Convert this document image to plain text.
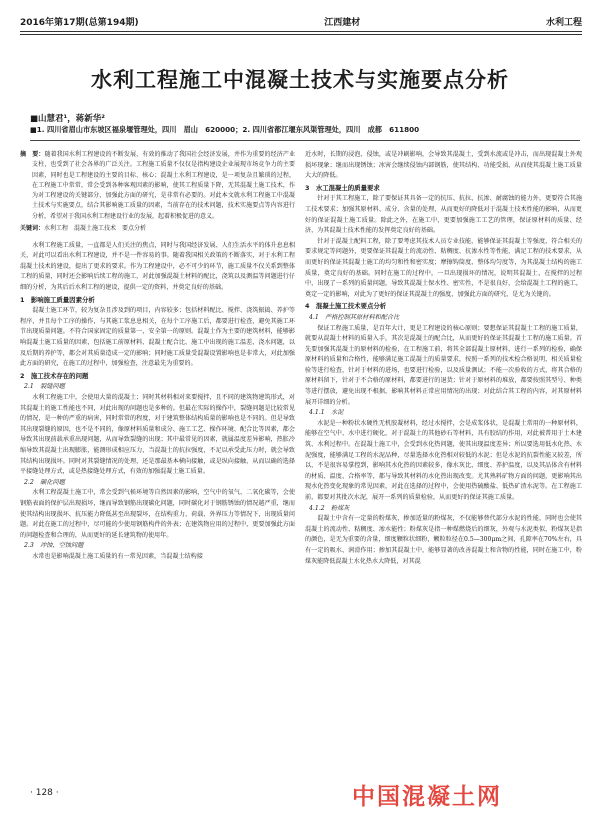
2016年第17期(总第194期)	江西建材	水利工程
水利工程施工中混凝土技术与实施要点分析
■山慧君¹，蒋新华²
■1. 四川省眉山市东坡区福泉堰管理处，四川　眉山　620000；2. 四川省都江堰东风渠管理处，四川　成都　611800
摘　要：随着我国水利工程建设的不断发展，有效的推动了我国社会经济发展，并作为重要的经济产业支柱，也受到了社会各界的广泛关注。工程施工质量不仅仅是指构建设企业展现市场竞争力的主要因素，同时也是工程建设的主要的目标、核心；混凝土水利工程建设，是一项复杂且繁琐的过程，在工程施工中常常，常会受到各种客观因素的影响，使其工程质量下降，无其混凝土施工技术，作为对工程建设的关键部分，加强此方面的研究，是非常有必要的。对此本文就水利工程施工中混凝土技术与实施要点，结合其影响施工质量的因素，当前存在的技术问题，技术实施要点等内容进行分析，希望对于我国水利工程建设行业的发展，起着积极促进的意义。
关键词：水利工程　混凝土施工技术　要点分析

水利工程施工质量，一直都是人们关注的焦点，同时与我国经济发展、人们生活水平的体升息息相关，对此可以看出水利工程建设，并不是一件容易的事。随着我国相关政策的不断落实，对于水利工程混凝土技术的建设，提出了更求的要求。作为工程建设中，必不可少的环节，施工质量不仅关系到整体工程的质量，同时还会影响后续工程的施工，对此加强混凝土材料的配比，浇筑以及测温等问题进行仔细的分析，为其后后水利工程的建设，提供一定的资料，并奠定良好的基础。

1　影响施工质量因素分析

混凝土施工环节，较为复杂且涉及到的项目，内容较多；包括材料配比、搅拌、浇筑振捣、养护等程序，并且每个工序的操作，与其施工浆息息相关，在每个工序施工后，都要进行检查，避免其施工环节出现质量问题。不符合国家固定的质量第一，安全第一的原则。混凝土作为主要的建筑材料，能够影响混凝土施工质量的因素，包括施工前原材料、混凝土配合比、施工中出现的施工温差、浇水问题，以及后期的养护等，都会对其质量造成一定的影响；同时施工质量受混凝设置影响也是非常大，对此加强此方面的研究，在施工的过程中，加强检查，注意最先为重要的。

2　施工技术存在的问题
2.1　裂缝问题

水利工程施工中，会使用大量的混凝土；同时其材料相对来要搅拌，且不同的建筑物建筑形式，对其混凝土的施工性能也不同，对此出现的问题也是多种的。但最在实际的操作中，裂缝问题是比较常见的情况，是一种的严重的病害，同时常常的程度，对于建筑整体结构质量的影响也是不同的。但是导致其出现裂缝的原因，也不是不同的，像原材料质量和成分、施工工艺、操作环境、配合比等因素，都会导致其出现前载承重出现问题，从而导致裂缝的出现；其中最常见的因素，就属温度差异影响，热胀冷缩导致其混凝土出现膨胀，能测形成相应压力，当混凝土的抗拉强度，不足以承受此压力时，就会导致其结构出现损坏。同时对其裂缝情况的处理，还是那最基本横向接触，或是纵向接触，从而以确的选择平接缝处理方式，或是热接缝处理方式，有效的加强混凝土施工质量。

2.2　碳化问题

水利工程混凝土施工中，常会受到气候环境等自然因素的影响，空气中的氧气、二氧化碳等，会使钢筋表面的保护层出现损坏，继而导致钢筋出现碳化问题，同时碳化对于钢筋锈蚀的情况越严重，继而使其结构出现损坏、抗压能力降低甚至出现裂坏，在结构重力、荷载、外界压力等情况下，出现质量问题。对此在施工的过程中，尽可能的少使用钢筋构件的外表；在建筑物应用的过程中，更要加强此方面的问题检查和合理的，从而更好的延长建筑物的使用年。

2.3　冲蚀、空蚀问题

水常也是影响混凝土施工质量的有一常见因素，当混凝土结构接

近水时，长期的浸泡、侵蚀，或是冲刷影响，会导致其混凝土，受到水流或是冲击，而出现混凝土外观损坏现象；继而出现锈蚀；冰害会继续侵蚀内部钢筋，使其结构、功能受损，从而使其混凝土施工质量大大的降低。

3　水工混凝土的质量要求

针对于其工程施工，除了要保证其具备一定的抗压、抗拉、抗渗、耐腐蚀的能力外，更要符合其施工技术要求；加强其原材料、成分、含量的处理，从而更好的降低对于混凝土技术性能的影响，从而更好的保证混凝土施工质量。除此之外，在施工中，更要加强施工工艺的管理，保证原材料的质量、经济，为其混凝土技术性能的发挥奠定良好的基础。

针对于混凝土配料工程，除了要考虑其技术人员专业技能，能够保证其混凝土等强度，符合相关的要求规定等问题外，更要保证其混凝土的流动性、粘稠度、抗渗水性等性能，满足工程的技术要求，从而更好的保证其混凝土施工的均匀和性和密实度；摩擦钩筒度、整体均匀度等，为其混凝土结构的施工质量，奠定良好的基础。同时在施工的过程中，一旦出现损坏的情况，说明其混凝土，在搅拌的过程中，出现了一系列的质量问题，导致其混凝土保水性、密实性，不是很良好，会给混凝土工程的施工，奠定一定的影响，对此为了更好的保证其混凝土的强度，加强此方面的研究，是尤为关键的。

4　混凝土施工技术要点分析
4.1　严格控制其原材料和配合比

保证工程施工质量，是百年大计，更是工程建设的核心原则；要想保证其混凝土工程的施工质量，就要从混凝土材料的质量入手，其次是混凝土的配合比，从而更好的保证其混凝土工程的施工质量。首先要加强其混凝土的原材料的检验，在工程施工前，将其全部混凝土原材料，进行一系列的检验，确保原材料的质量和合格性，能够满足施工混凝土的质量要求，按照一系列的技术检合格说明，相关质量检验等进行检查，针对于材料的进场，也要进行检验，以及质量测试；不能一次验收的方式，将其合格的原材料留下，针对于不合格的原材料，都要进行的退货；针对于原材料的堆放，都要按照其型号、种类等进行摆放，避免出现不根据，影响其材料正常应用情况的出现；对此结合其工程的内容，对其原材料展开详细的分析。

4.1.1　水泥

水泥是一种粉状水硬性无机胶凝材料，经过水搅拌，会是成浆体状，是混凝土常用的一种原材料，能够在空气中、水中进行硬化，对于混凝土的其他砂石等材料，具有胶结的作用，对此被普用于土木建筑、水利过程中。在混凝土施工中，会受到水化热问题，使其出现温度差异；所以要选用低水化热、水泥强度，能够满足工程的水泥品种，尽量选择水化热相对较低的水泥；但是水泥的抗裂性能又较差，所以，不是很容易掌控到，影响其水化热的因素较多，像水灰比、细度、养护温度，以及其品体含有材料的材质、温度、合格率等，都与导致其材料的水化热出现改变。尤其熟料矿物方面的问题，更影响其出现水化热变化现象的常见因素，对此在选择的过程中，会使用热硫酸盐、低热矿渣水泥等。在工程施工前，都要对其批次水泥，展开一系列的质量检验，从而更好的保证其施工质量。

4.1.2　粉煤灰

混凝土中含有一定量的粉煤灰，掺加适量的粉煤灰，不仅能够替代部分水泥的性能，同时也会使其混凝土的流动性、粘稠度、渗水能性；粉煤灰是指一种煤燃烧后的细灰，外观与水泥类似，粉煤灰是指的颜色，是无为重要的含量，细度颗粒状细粉，颗粒粒径在0.5—300μm之间，孔隙率在70%左右，具有一定的吸水、润滑作用；掺加其混凝土中，能够显著的改善混凝土和含物的性能，同时在施工中，粉煤灰能降低混凝土水化热水大降低，对其混

· 128 ·	中国混凝土网
